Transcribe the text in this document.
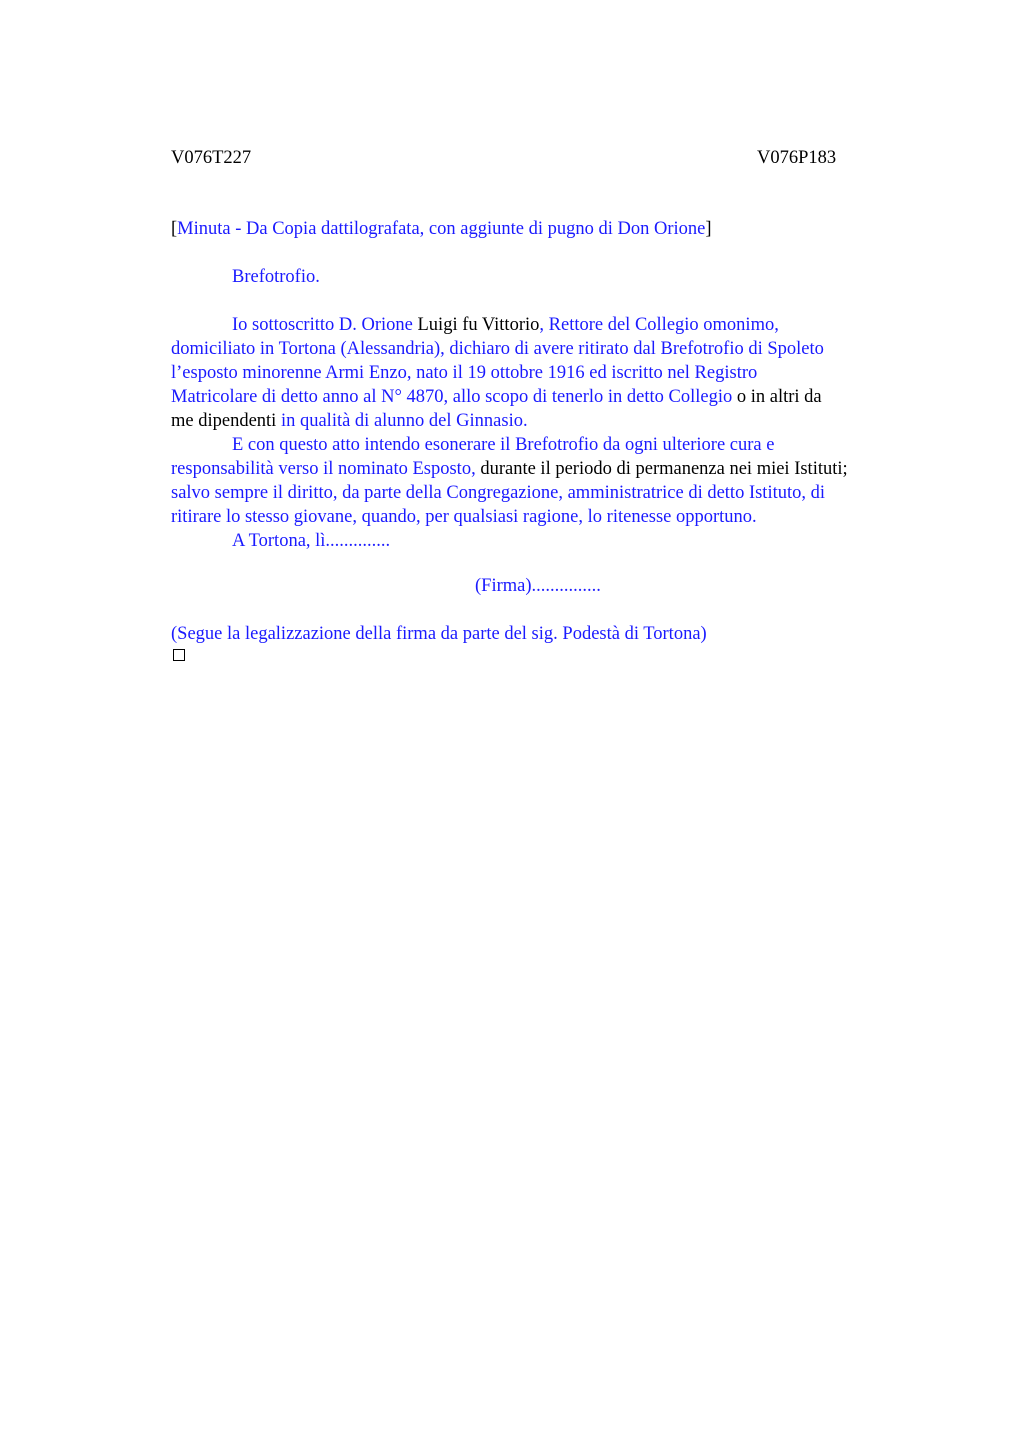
V076T227	V076P183
[Minuta - Da Copia dattilografata, con aggiunte di pugno di Don Orione]
Brefotrofio.
Io sottoscritto D. Orione Luigi fu Vittorio, Rettore del Collegio omonimo,
domiciliato in Tortona (Alessandria), dichiaro di avere ritirato dal Brefotrofio di Spoleto
l’esposto minorenne Armi Enzo, nato il 19 ottobre 1916 ed iscritto nel Registro
Matricolare di detto anno al N° 4870, allo scopo di tenerlo in detto Collegio o in altri da
me dipendenti in qualità di alunno del Ginnasio.
E con questo atto intendo esonerare il Brefotrofio da ogni ulteriore cura e
responsabilità verso il nominato Esposto, durante il periodo di permanenza nei miei Istituti;
salvo sempre il diritto, da parte della Congregazione, amministratrice di detto Istituto, di
ritirare lo stesso giovane, quando, per qualsiasi ragione, lo ritenesse opportuno.
A Tortona, lì..............
(Firma)...............
(Segue la legalizzazione della firma da parte del sig. Podestà di Tortona)
